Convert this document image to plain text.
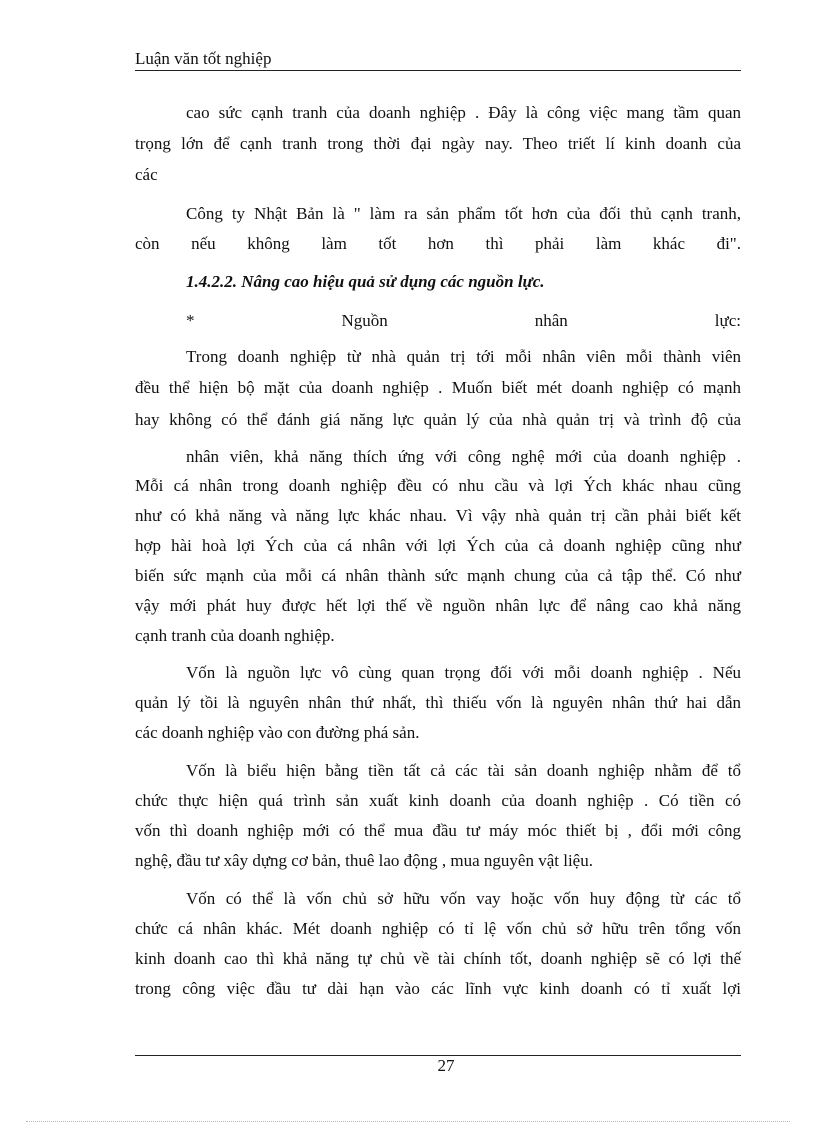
Luận văn tốt nghiệp
cao sức cạnh tranh của doanh nghiệp . Đây là công việc mang tầm quan
trọng lớn để cạnh tranh trong thời đại ngày nay. Theo triết lí kinh doanh của
các
Công ty Nhật Bản là " làm ra sản phẩm tốt hơn của đối thủ cạnh tranh,
còn nếu không làm tốt hơn thì phải làm khác đi".
1.4.2.2. Nâng cao hiệu quả sử dụng các nguồn lực.
* Nguồn nhân lực:
Trong doanh nghiệp từ nhà quản trị tới mỗi nhân viên mỗi thành viên
đều thể hiện bộ mặt của doanh nghiệp . Muốn biết mét doanh nghiệp có mạnh
hay không có thể đánh giá năng lực quản lý của nhà quản trị và trình độ của
nhân viên, khả năng thích ứng với công nghệ mới của doanh nghiệp .
Mỗi cá nhân trong doanh nghiệp đều có nhu cầu và lợi Ých khác nhau cũng
như có khả năng và năng lực khác nhau. Vì vậy nhà quản trị cần phải biết kết
hợp hài hoà lợi Ých của cá nhân với lợi Ých của cả doanh nghiệp cũng như
biến sức mạnh của mỗi cá nhân thành sức mạnh chung của cả tập thể. Có như
vậy mới phát huy được hết lợi thế về nguồn nhân lực để nâng cao khả năng
cạnh tranh của doanh nghiệp.
Vốn là nguồn lực vô cùng quan trọng đối với mỗi doanh nghiệp . Nếu
quản lý tồi là nguyên nhân thứ nhất, thì thiếu vốn là nguyên nhân thứ hai dẫn
các doanh nghiệp vào con đường phá sản.
Vốn là biểu hiện bằng tiền tất cả các tài sản doanh nghiệp nhằm để tổ
chức thực hiện quá trình sản xuất kinh doanh của doanh nghiệp . Có tiền có
vốn thì doanh nghiệp mới có thể mua đầu tư máy móc thiết bị , đổi mới công
nghệ, đầu tư xây dựng cơ bản, thuê lao động , mua nguyên vật liệu.
Vốn có thể là vốn chủ sở hữu vốn vay hoặc vốn huy động từ các tổ
chức cá nhân khác. Mét doanh nghiệp có tỉ lệ vốn chủ sở hữu trên tổng vốn
kinh doanh cao thì khả năng tự chủ về tài chính tốt, doanh nghiệp sẽ có lợi thế
trong công việc đầu tư dài hạn vào các lĩnh vực kinh doanh có tỉ xuất lợi
27
